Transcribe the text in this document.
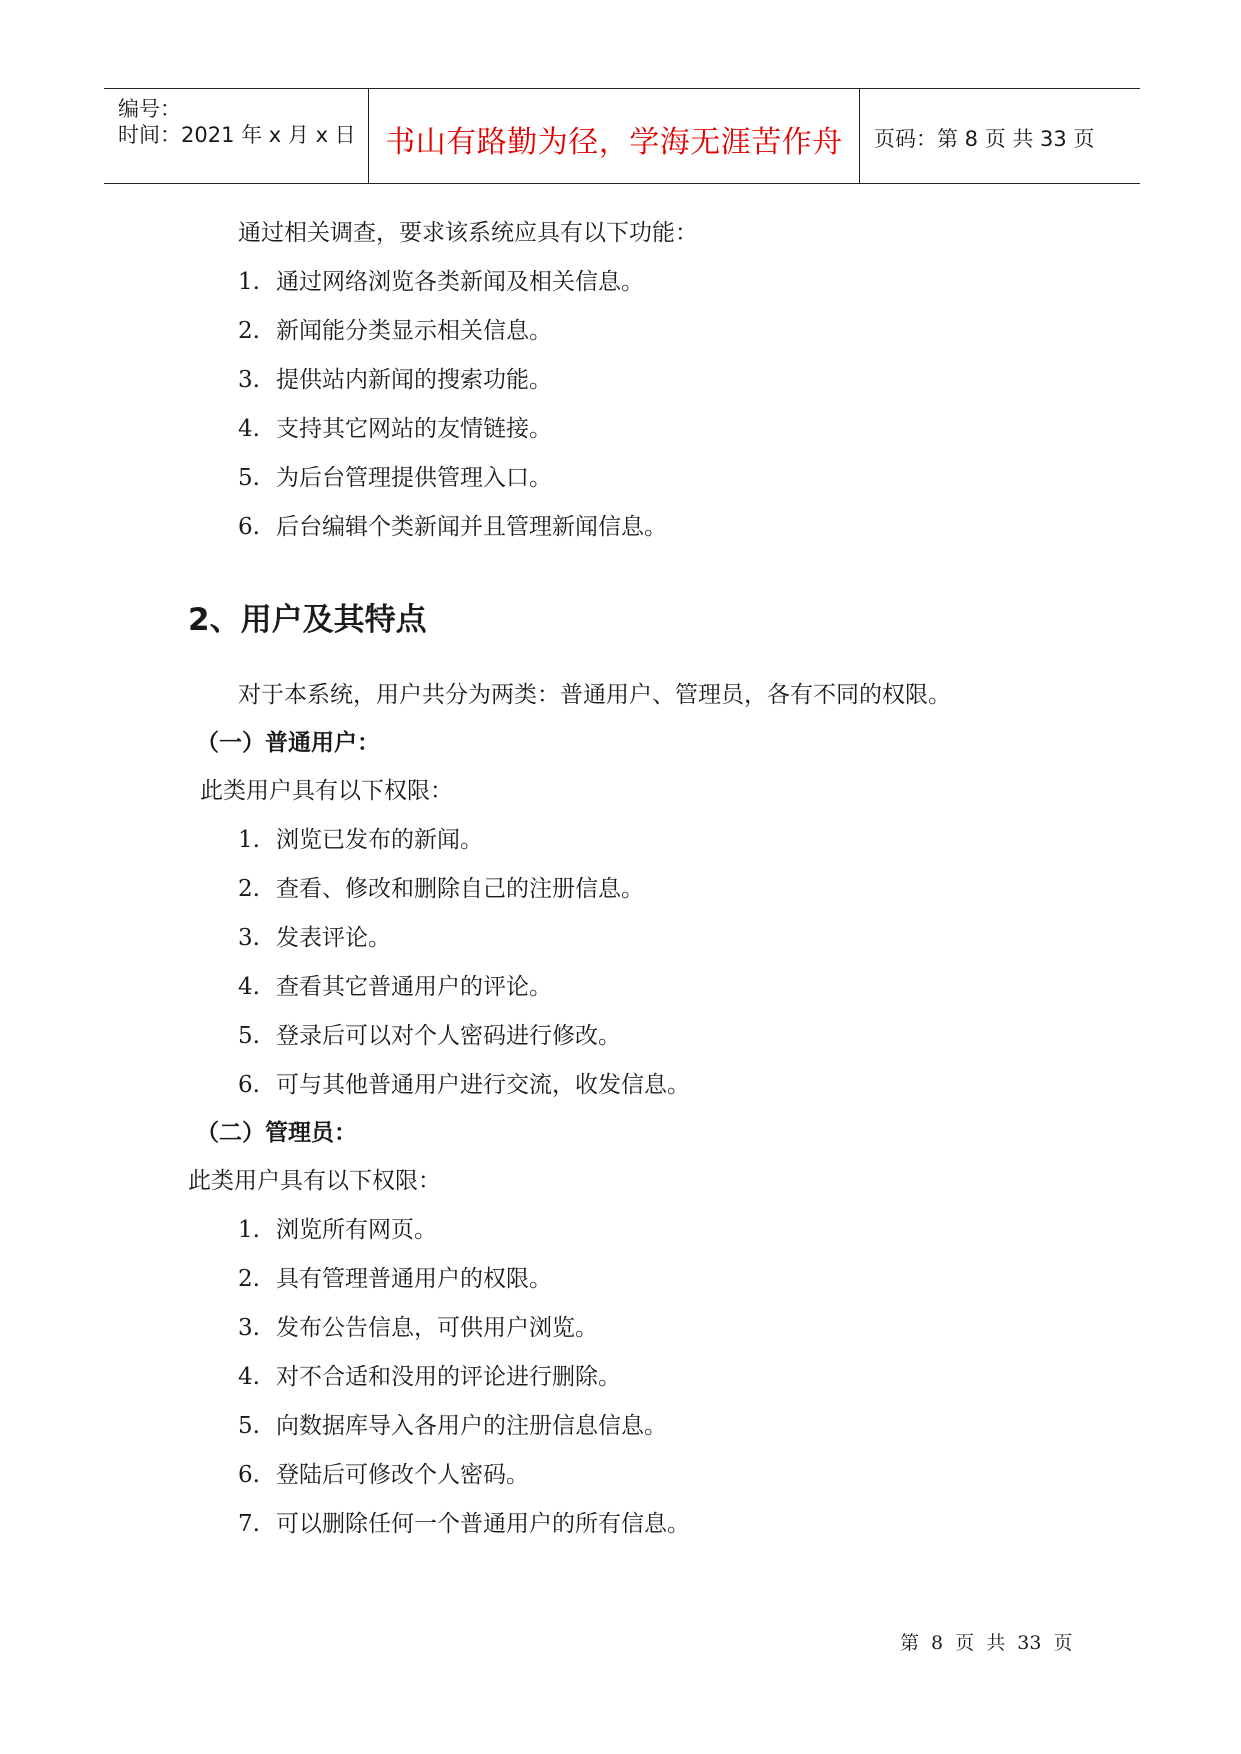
编号：
时间：2021 年 x 月 x 日 书山有路勤为径，学海无涯苦作舟	页码：第 8 页 共 33 页
通过相关调查，要求该系统应具有以下功能：
1. 通过网络浏览各类新闻及相关信息。
2. 新闻能分类显示相关信息。
3. 提供站内新闻的搜索功能。
4. 支持其它网站的友情链接。
5. 为后台管理提供管理入口。
6. 后台编辑个类新闻并且管理新闻信息。
2、用户及其特点
对于本系统，用户共分为两类：普通用户、管理员，各有不同的权限。
（一）普通用户：
此类用户具有以下权限：
1. 浏览已发布的新闻。
2. 查看、修改和删除自己的注册信息。
3. 发表评论。
4. 查看其它普通用户的评论。
5. 登录后可以对个人密码进行修改。
6. 可与其他普通用户进行交流，收发信息。
（二）管理员：
此类用户具有以下权限：
1. 浏览所有网页。
2. 具有管理普通用户的权限。
3. 发布公告信息，可供用户浏览。
4. 对不合适和没用的评论进行删除。
5. 向数据库导入各用户的注册信息信息。
6. 登陆后可修改个人密码。
7. 可以删除任何一个普通用户的所有信息。
第 8 页 共 33 页
